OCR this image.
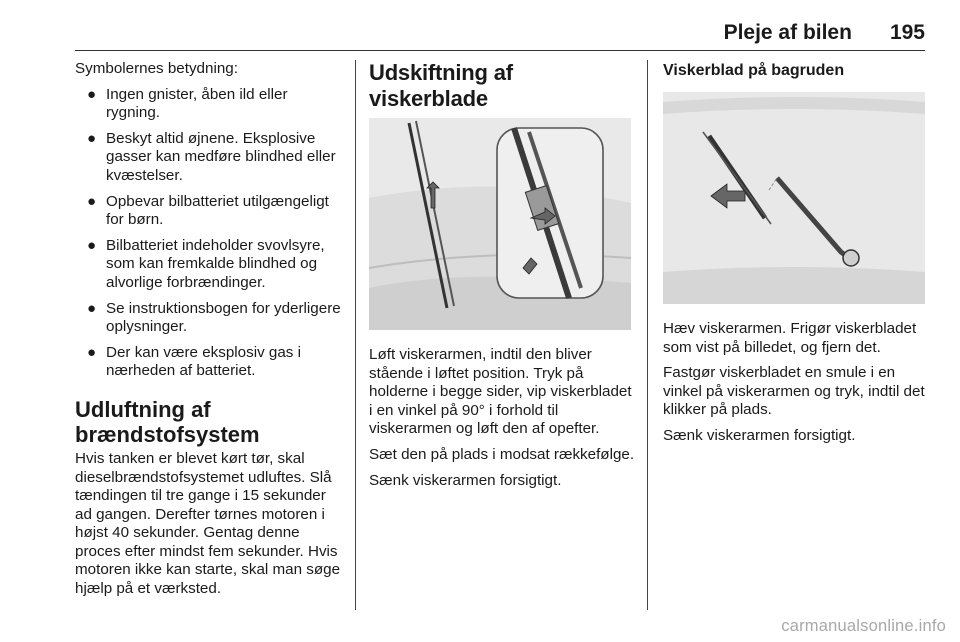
Pleje af bilen 195

Symbolernes betydning:

● Ingen gnister, åben ild eller rygning.
● Beskyt altid øjnene. Eksplosive gasser kan medføre blindhed eller kvæstelser.
● Opbevar bilbatteriet utilgængeligt for børn.
● Bilbatteriet indeholder svovlsyre, som kan fremkalde blindhed og alvorlige forbrændinger.
● Se instruktionsbogen for yderligere oplysninger.
● Der kan være eksplosiv gas i nærheden af batteriet.
Udluftning af brændstofsystem

Hvis tanken er blevet kørt tør, skal dieselbrændstofsystemet udluftes. Slå tændingen til tre gange i 15 sekunder ad gangen. Derefter tørnes motoren i højst 40 sekunder. Gentag denne proces efter mindst fem sekunder. Hvis motoren ikke kan starte, skal man søge hjælp på et værksted.

Udskiftning af viskerblade

Løft viskerarmen, indtil den bliver stående i løftet position. Tryk på holderne i begge sider, vip viskerbladet i en vinkel på 90° i forhold til viskerarmen og løft den af opefter.

Sæt den på plads i modsat rækkefølge.

Sænk viskerarmen forsigtigt.

Viskerblad på bagruden

Hæv viskerarmen. Frigør viskerbladet som vist på billedet, og fjern det.

Fastgør viskerbladet en smule i en vinkel på viskerarmen og tryk, indtil det klikker på plads.

Sænk viskerarmen forsigtigt.

carmanualsonline.info
